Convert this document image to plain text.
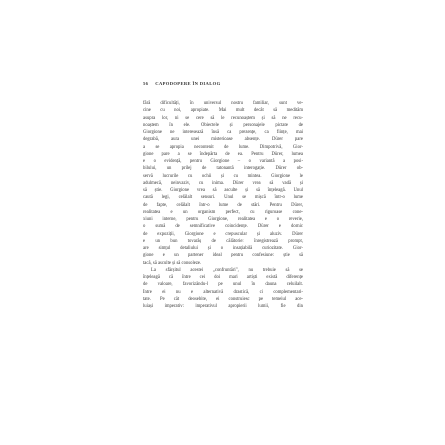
56 CAPODOPERE ÎN DIALOG
fără dificultăți, în universul nostru familiar, sunt ve-
cine cu noi, apropiate. Mai mult decât să medităm
asupra lor, ni se cere să le recunoaștem și să ne recu-
noaștem în ele. Obiectele și personajele pictate de
Giorgione ne interesează însă ca prezențe, ca ființe, mai
degrabă, aura unei misterioase absențe. Dürer pare
a se apropia necontenit de lume. Dimpotrivă, Gior-
gione pare a se îndepărta de ea. Pentru Dürer, lumea
e o evidență, pentru Giorgione – o variantă a posi-
bilului, un prilej de tatonantă interogație. Dürer ob-
servă lucrurile cu ochii și cu mintea. Giorgione le
adulmecă, neinvaziv, cu inima. Dürer vrea să vadă și
să știe. Giorgione vrea să asculte și să înțeleagă. Unul
caută legi, celălalt sensuri. Unul se mișcă într-o lume
de fapte, celălalt într-o lume de stări. Pentru Dürer,
realitatea e un organism perfect, cu riguroase cone-
xiuni interne, pentru Giorgione, realitatea e o reverie,
o sumă de semnificative coincidențe. Dürer e dornic
de expoziții, Giorgione e crepuscular și aluziv. Dürer
e un bun tovarăș de călătorie: înregistrează prompt,
are simțul detaliului și o insațiabilă curiozitate. Gior-
gione e un partener ideal pentru confesiune: știe să
tacă, să asculte și să consoleze.
La sfârșitul acestei „confruntări", nu trebuie să se
înțeleagă că între cei doi mari artiști există diferențe
de valoare, favorizându-l pe unul în dauna celuilalt.
Între ei nu e alternativă drastică, ci complementari-
tate. Pe cât deosebite, ei construiesc pe temeiul ace-
luiași imperativ: imperativul apropierii lumii, fie din
